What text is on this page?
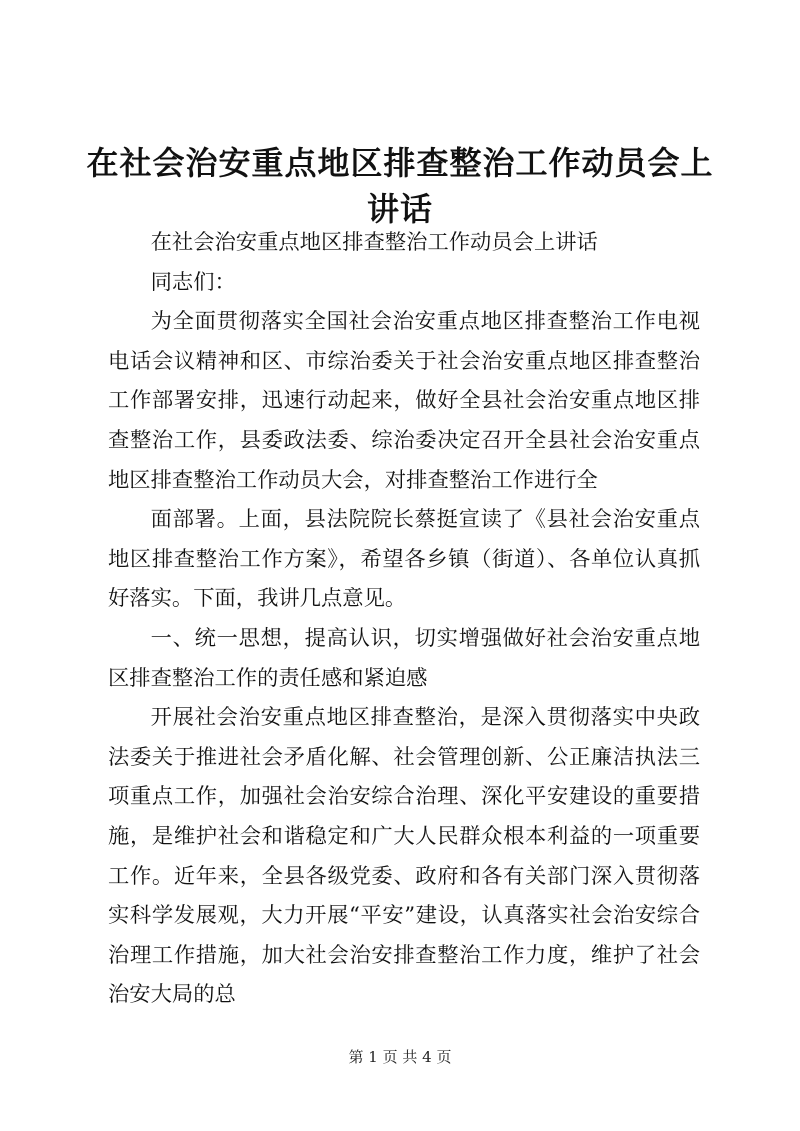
在社会治安重点地区排查整治工作动员会上讲话

在社会治安重点地区排查整治工作动员会上讲话

同志们：

为全面贯彻落实全国社会治安重点地区排查整治工作电视电话会议精神和区、市综治委关于社会治安重点地区排查整治工作部署安排，迅速行动起来，做好全县社会治安重点地区排查整治工作，县委政法委、综治委决定召开全县社会治安重点地区排查整治工作动员大会，对排查整治工作进行全

面部署。上面，县法院院长蔡挺宣读了《县社会治安重点地区排查整治工作方案》，希望各乡镇（街道）、各单位认真抓好落实。下面，我讲几点意见。

一、统一思想，提高认识，切实增强做好社会治安重点地区排查整治工作的责任感和紧迫感

开展社会治安重点地区排查整治，是深入贯彻落实中央政法委关于推进社会矛盾化解、社会管理创新、公正廉洁执法三项重点工作，加强社会治安综合治理、深化平安建设的重要措施，是维护社会和谐稳定和广大人民群众根本利益的一项重要工作。近年来，全县各级党委、政府和各有关部门深入贯彻落实科学发展观，大力开展“平安”建设，认真落实社会治安综合治理工作措施，加大社会治安排查整治工作力度，维护了社会治安大局的总

第 1 页 共 4 页
